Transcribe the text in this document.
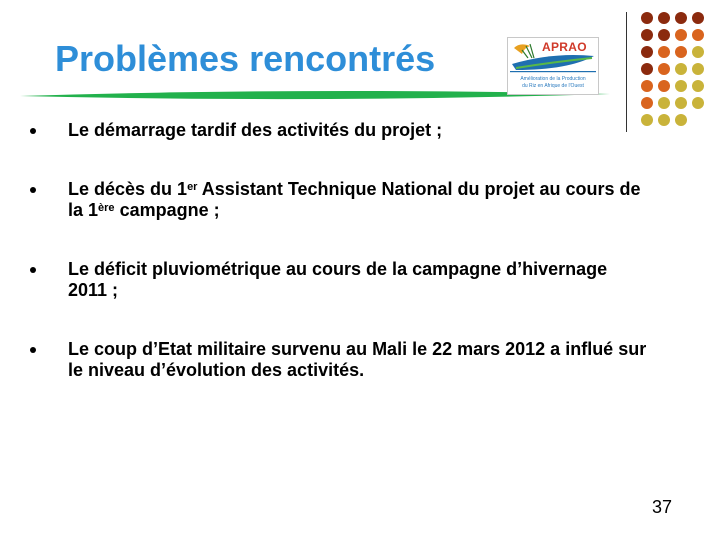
Problèmes rencontrés	APRAO
Amélioration de la Production
du Riz en Afrique de l'Ouest
Le démarrage tardif des activités du projet ;
Le décès du 1er Assistant Technique National du projet au cours de
la 1ère campagne ;
Le déficit pluviométrique au cours de la campagne d’hivernage
2011 ;
Le coup d’Etat militaire survenu au Mali le 22 mars 2012 a influé sur
le niveau d’évolution des activités.
37
